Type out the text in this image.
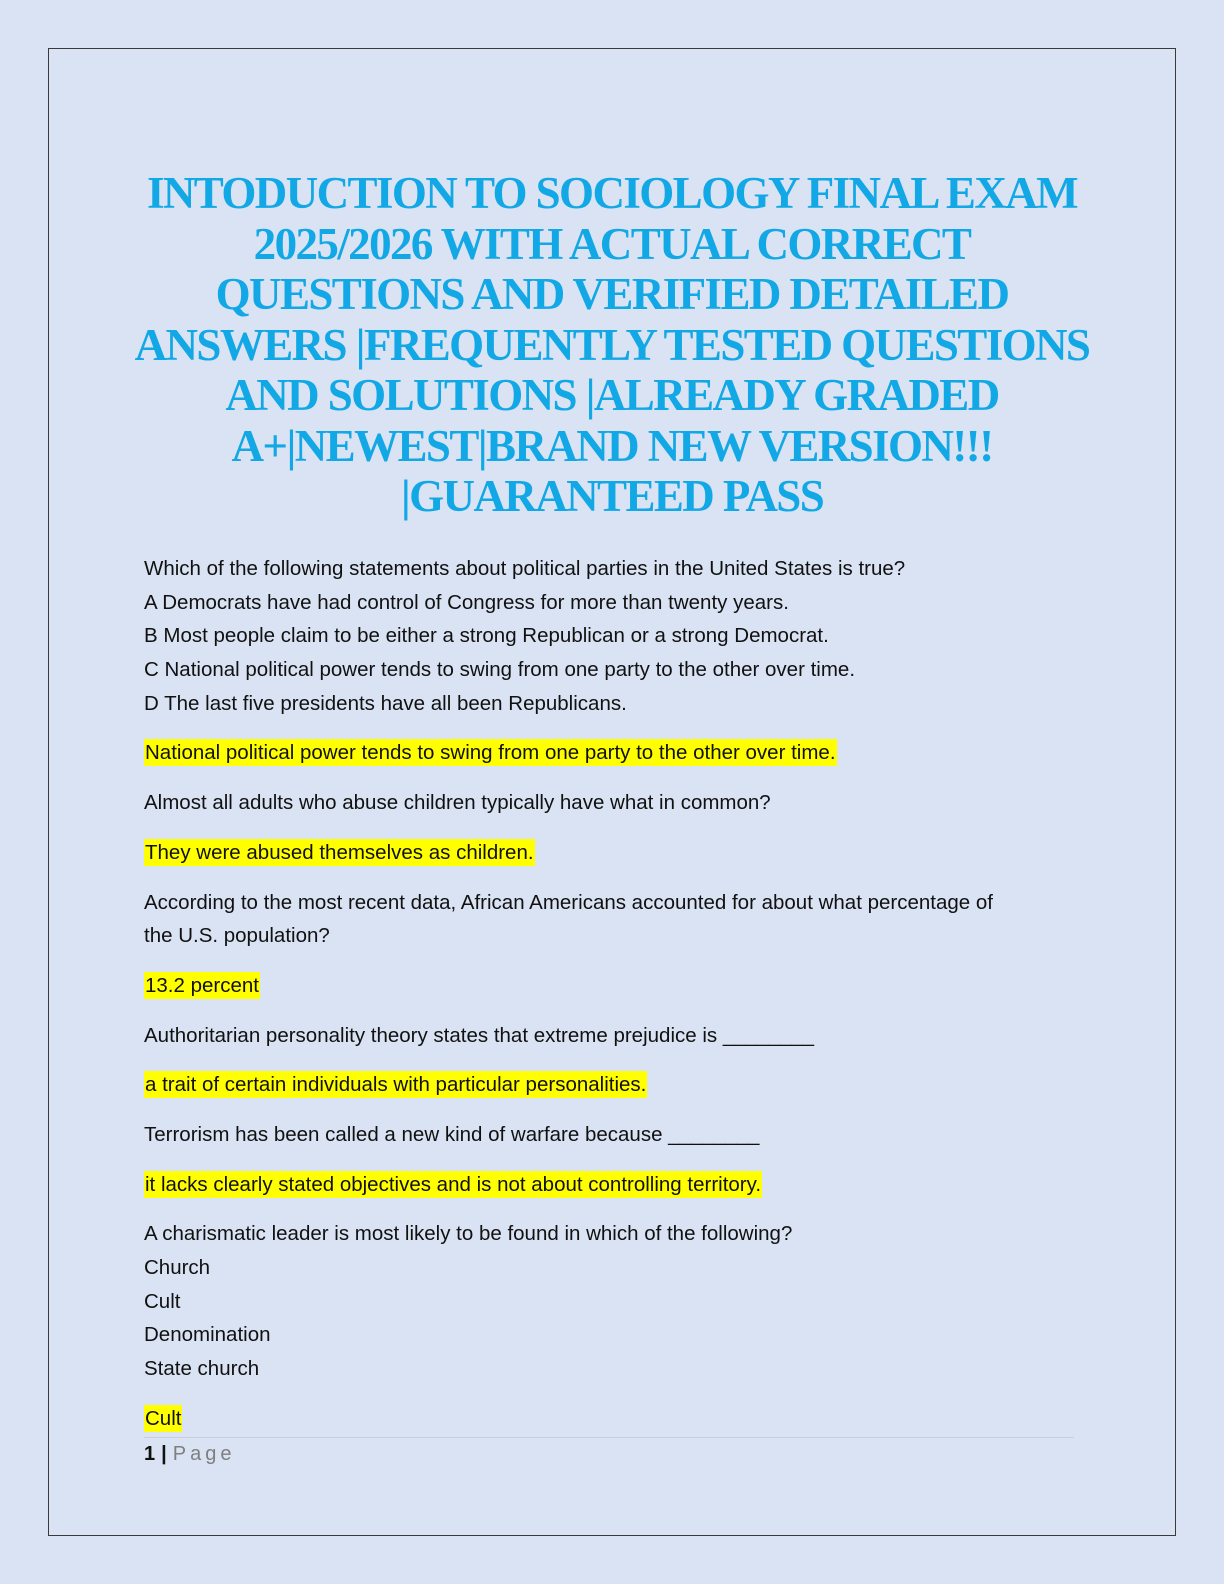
INTODUCTION TO SOCIOLOGY FINAL EXAM 2025/2026 WITH ACTUAL CORRECT QUESTIONS AND VERIFIED DETAILED ANSWERS |FREQUENTLY TESTED QUESTIONS AND SOLUTIONS |ALREADY GRADED A+|NEWEST|BRAND NEW VERSION!!! |GUARANTEED PASS
Which of the following statements about political parties in the United States is true?
A Democrats have had control of Congress for more than twenty years.
B Most people claim to be either a strong Republican or a strong Democrat.
C National political power tends to swing from one party to the other over time.
D The last five presidents have all been Republicans.
National political power tends to swing from one party to the other over time.
Almost all adults who abuse children typically have what in common?
They were abused themselves as children.
According to the most recent data, African Americans accounted for about what percentage of
the U.S. population?
13.2 percent
Authoritarian personality theory states that extreme prejudice is ________
a trait of certain individuals with particular personalities.
Terrorism has been called a new kind of warfare because ________
it lacks clearly stated objectives and is not about controlling territory.
A charismatic leader is most likely to be found in which of the following?
Church
Cult
Denomination
State church
Cult
1 | Page
